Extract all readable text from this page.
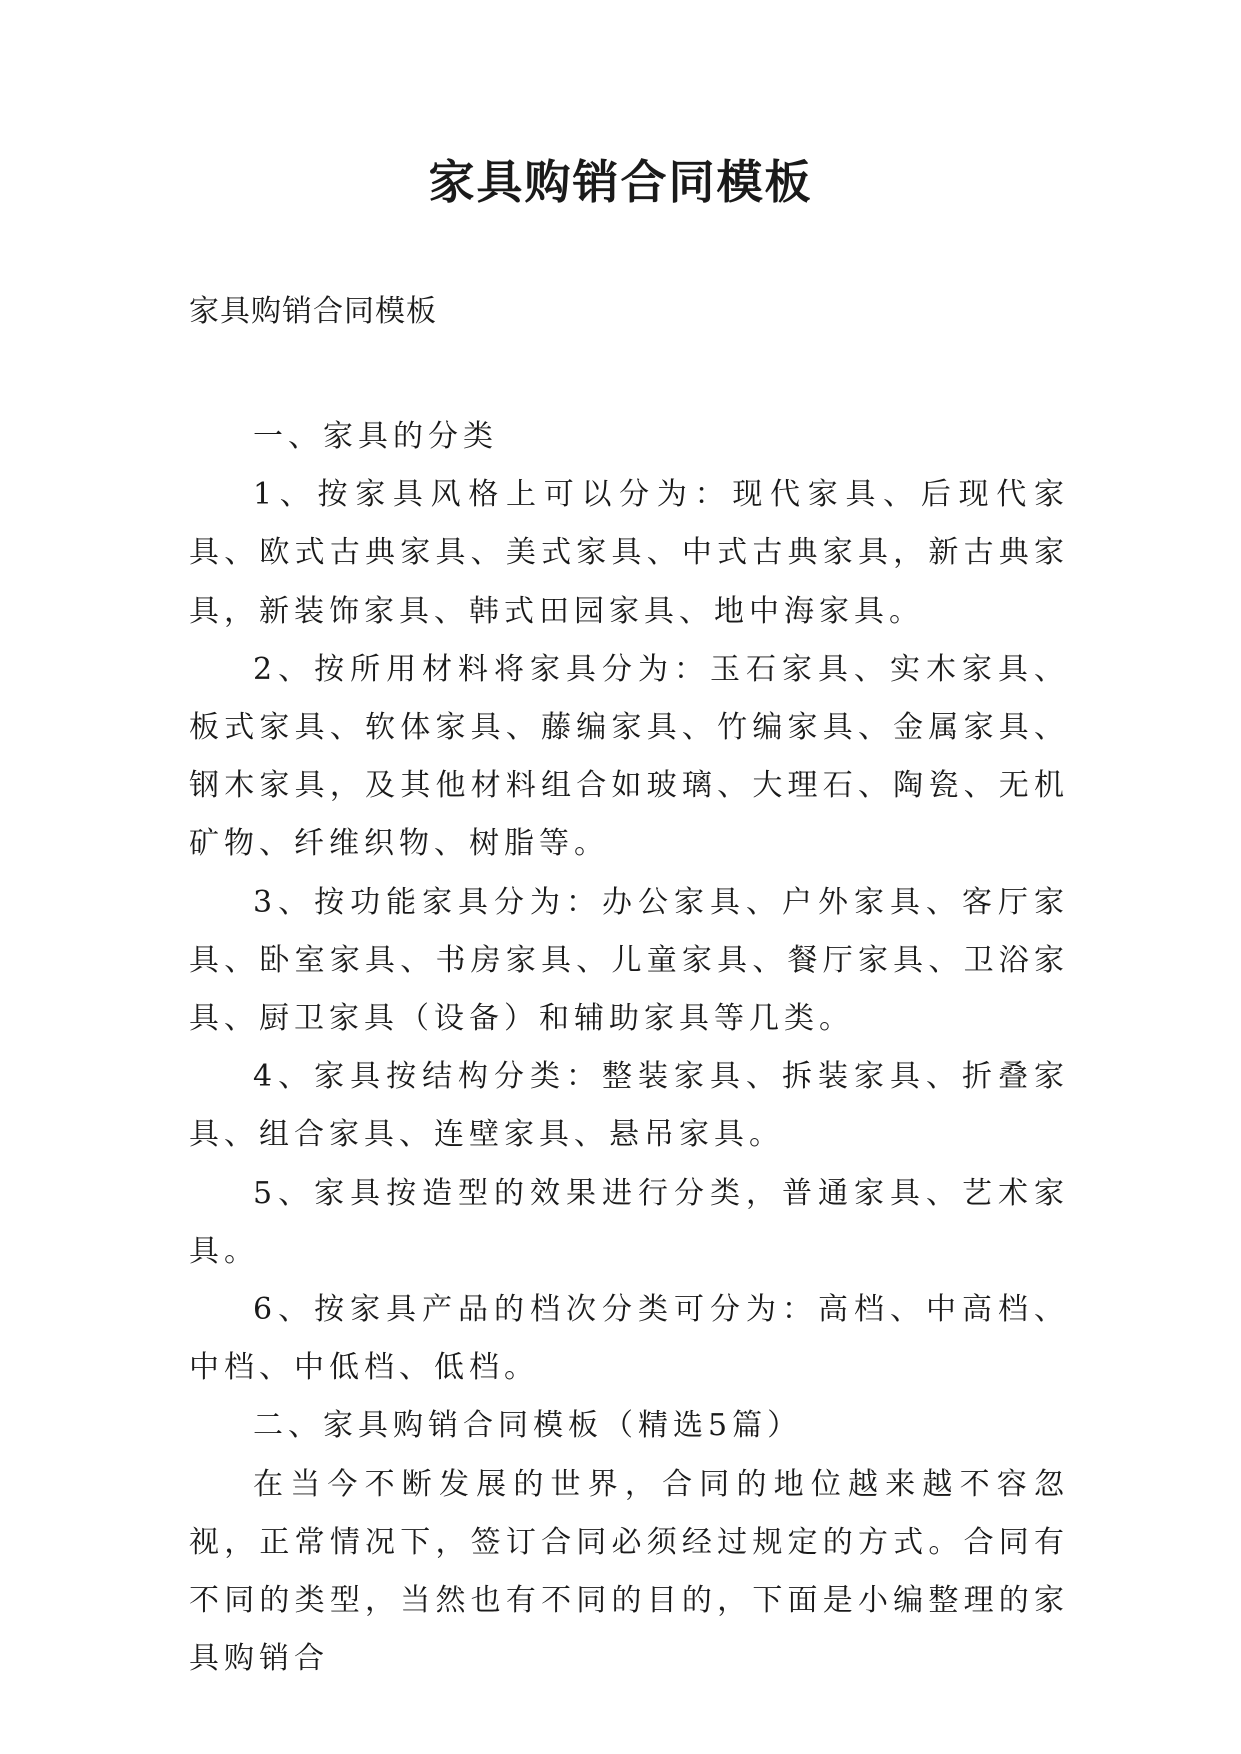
家具购销合同模板
家具购销合同模板

一、家具的分类

1、按家具风格上可以分为：现代家具、后现代家具、欧式古典家具、美式家具、中式古典家具，新古典家具，新装饰家具、韩式田园家具、地中海家具。

2、按所用材料将家具分为：玉石家具、实木家具、板式家具、软体家具、藤编家具、竹编家具、金属家具、钢木家具，及其他材料组合如玻璃、大理石、陶瓷、无机矿物、纤维织物、树脂等。

3、按功能家具分为：办公家具、户外家具、客厅家具、卧室家具、书房家具、儿童家具、餐厅家具、卫浴家具、厨卫家具（设备）和辅助家具等几类。

4、家具按结构分类：整装家具、拆装家具、折叠家具、组合家具、连壁家具、悬吊家具。

5、家具按造型的效果进行分类，普通家具、艺术家具。

6、按家具产品的档次分类可分为：高档、中高档、中档、中低档、低档。

二、家具购销合同模板（精选5篇）

在当今不断发展的世界，合同的地位越来越不容忽视，正常情况下，签订合同必须经过规定的方式。合同有不同的类型，当然也有不同的目的，下面是小编整理的家具购销合
